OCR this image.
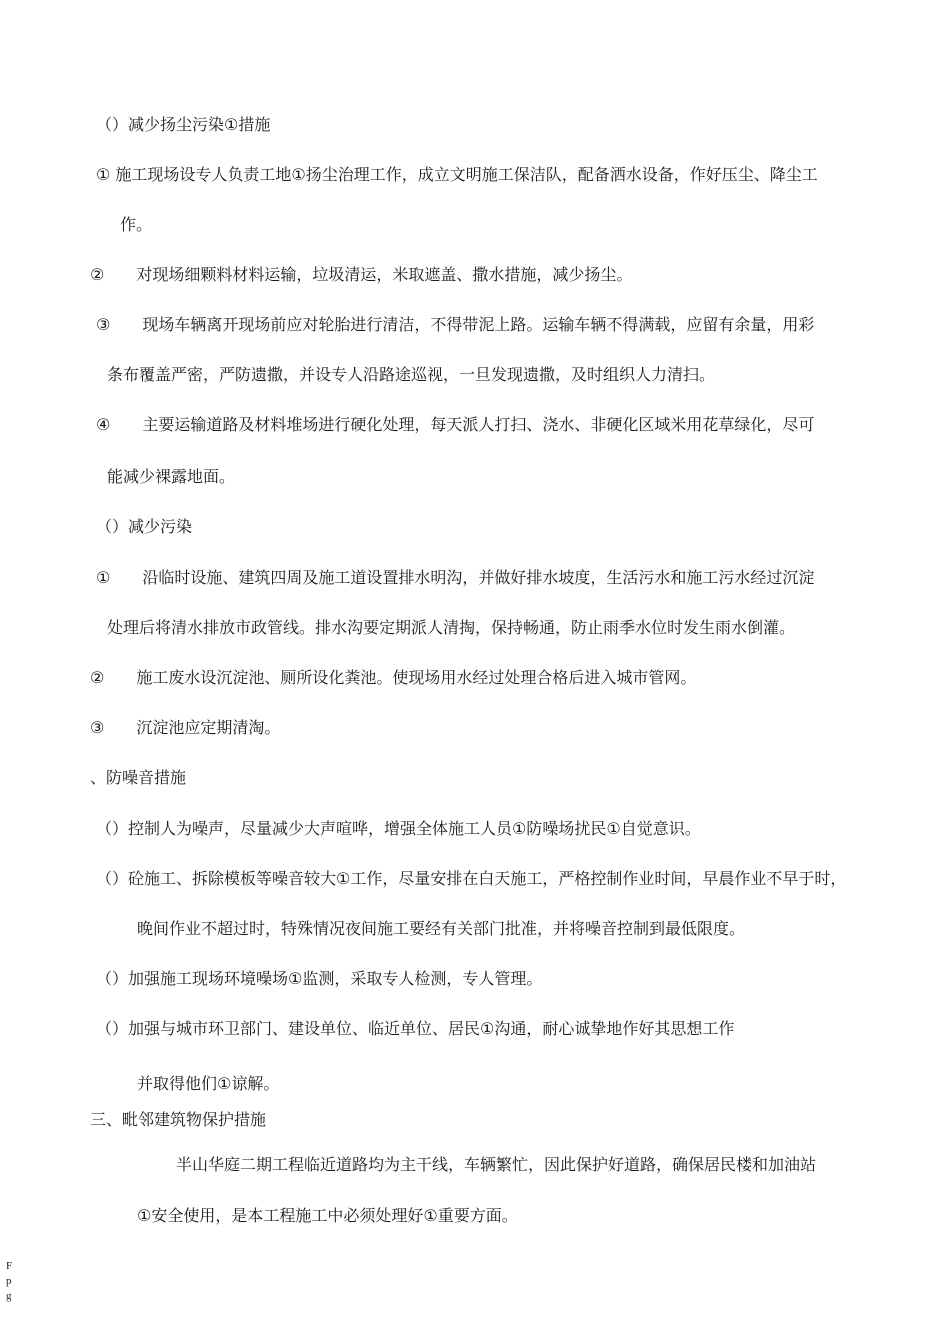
（）减少扬尘污染①措施
① 施工现场设专人负责工地①扬尘治理工作，成立文明施工保洁队，配备洒水设备，作好压尘、降尘工
作。
②　　对现场细颗料材料运输，垃圾清运，米取遮盖、撒水措施，减少扬尘。
③　　现场车辆离开现场前应对轮胎进行清洁，不得带泥上路。运输车辆不得满载，应留有余量，用彩
条布覆盖严密，严防遗撒，并设专人沿路途巡视，一旦发现遗撒，及时组织人力清扫。
④　　主要运输道路及材料堆场进行硬化处理，每天派人打扫、浇水、非硬化区域米用花草绿化，尽可
能减少裸露地面。
（）减少污染
①　　沿临时设施、建筑四周及施工道设置排水明沟，并做好排水坡度，生活污水和施工污水经过沉淀
处理后将清水排放市政管线。排水沟要定期派人清掏，保持畅通，防止雨季水位时发生雨水倒灌。
②　　施工废水设沉淀池、厕所设化粪池。使现场用水经过处理合格后进入城市管网。
③　　沉淀池应定期清淘。
、防噪音措施
（）控制人为噪声，尽量减少大声喧哗，增强全体施工人员①防噪场扰民①自觉意识。
（）砼施工、拆除模板等噪音较大①工作，尽量安排在白天施工，严格控制作业时间，早晨作业不早于时，
晚间作业不超过时，特殊情况夜间施工要经有关部门批准，并将噪音控制到最低限度。
（）加强施工现场环境噪场①监测，采取专人检测，专人管理。
（）加强与城市环卫部门、建设单位、临近单位、居民①沟通，耐心诚挚地作好其思想工作
并取得他们①谅解。
三、毗邻建筑物保护措施
半山华庭二期工程临近道路均为主干线，车辆繁忙，因此保护好道路，确保居民楼和加油站
①安全使用，是本工程施工中必须处理好①重要方面。
F
p
g
